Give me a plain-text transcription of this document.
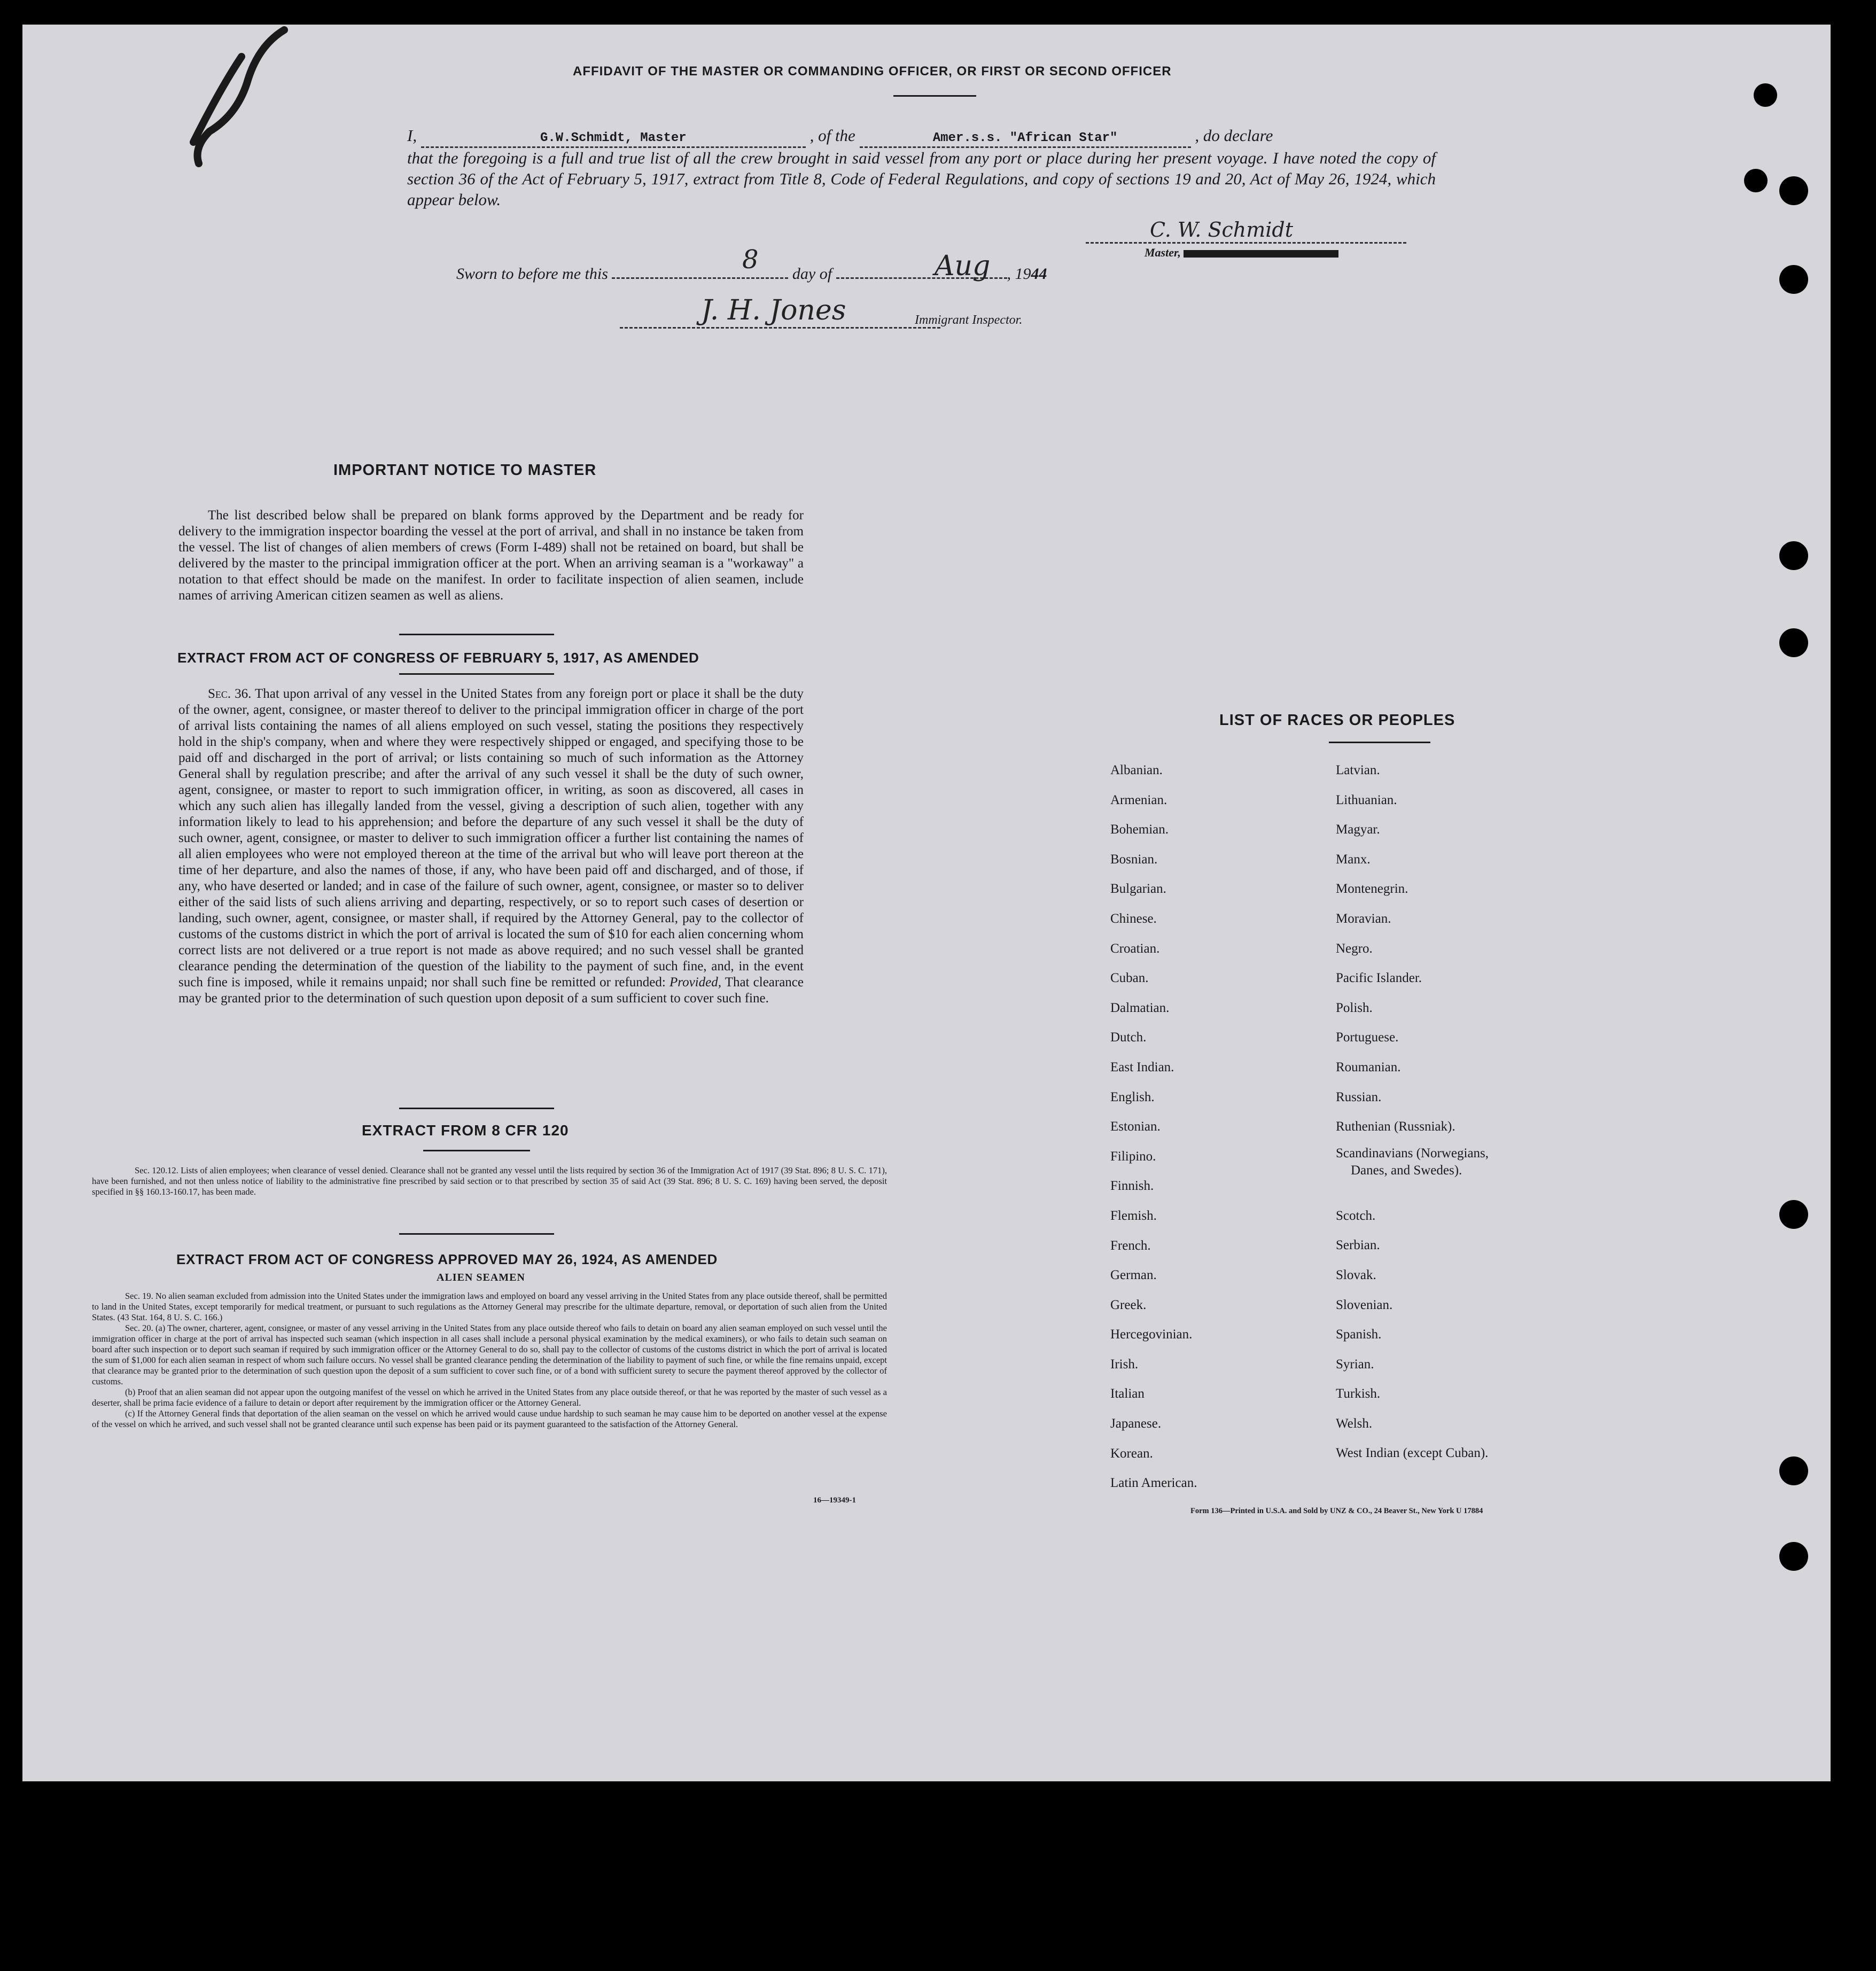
AFFIDAVIT OF THE MASTER OR COMMANDING OFFICER, OR FIRST OR SECOND OFFICER
I,	G.W.Schmidt, Master	, of the	Amer.s.s. "African Star"	, do declare
that the foregoing is a full and true list of all the crew brought in said vessel from any port or place during her present voyage. I have noted the copy of section 36 of the Act of February 5, 1917, extract from Title 8, Code of Federal Regulations, and copy of sections 19 and 20, Act of May 26, 1924, which appear below.
C. W. Schmidt
Master,
Sworn to before me this	8 day of	Aug , 1944
J. H. Jones	Immigrant Inspector.
IMPORTANT NOTICE TO MASTER
The list described below shall be prepared on blank forms approved by the Department and be ready for delivery to the immigration inspector boarding the vessel at the port of arrival, and shall in no instance be taken from the vessel. The list of changes of alien members of crews (Form I-489) shall not be retained on board, but shall be delivered by the master to the principal immigration officer at the port. When an arriving seaman is a "workaway" a notation to that effect should be made on the manifest. In order to facilitate inspection of alien seamen, include names of arriving American citizen seamen as well as aliens.
EXTRACT FROM ACT OF CONGRESS OF FEBRUARY 5, 1917, AS AMENDED
Sec. 36. That upon arrival of any vessel in the United States from any foreign port or place it shall be the duty of the owner, agent, consignee, or master thereof to deliver to the principal immigration officer in charge of the port of arrival lists containing the names of all aliens employed on such vessel, stating the positions they respectively hold in the ship's company, when and where they were respectively shipped or engaged, and specifying those to be paid off and discharged in the port of arrival; or lists containing so much of such information as the Attorney General shall by regulation prescribe; and after the arrival of any such vessel it shall be the duty of such owner, agent, consignee, or master to report to such immigration officer, in writing, as soon as discovered, all cases in which any such alien has illegally landed from the vessel, giving a description of such alien, together with any information likely to lead to his apprehension; and before the departure of any such vessel it shall be the duty of such owner, agent, consignee, or master to deliver to such immigration officer a further list containing the names of all alien employees who were not employed thereon at the time of the arrival but who will leave port thereon at the time of her departure, and also the names of those, if any, who have been paid off and discharged, and of those, if any, who have deserted or landed; and in case of the failure of such owner, agent, consignee, or master so to deliver either of the said lists of such aliens arriving and departing, respectively, or so to report such cases of desertion or landing, such owner, agent, consignee, or master shall, if required by the Attorney General, pay to the collector of customs of the customs district in which the port of arrival is located the sum of $10 for each alien concerning whom correct lists are not delivered or a true report is not made as above required; and no such vessel shall be granted clearance pending the determination of the question of the liability to the payment of such fine, and, in the event such fine is imposed, while it remains unpaid; nor shall such fine be remitted or refunded: Provided, That clearance may be granted prior to the determination of such question upon deposit of a sum sufficient to cover such fine.
EXTRACT FROM 8 CFR 120
Sec. 120.12. Lists of alien employees; when clearance of vessel denied. Clearance shall not be granted any vessel until the lists required by section 36 of the Immigration Act of 1917 (39 Stat. 896; 8 U. S. C. 171), have been furnished, and not then unless notice of liability to the administrative fine prescribed by said section or to that prescribed by section 35 of said Act (39 Stat. 896; 8 U. S. C. 169) having been served, the deposit specified in §§ 160.13-160.17, has been made.
EXTRACT FROM ACT OF CONGRESS APPROVED MAY 26, 1924, AS AMENDED
ALIEN SEAMEN
Sec. 19. No alien seaman excluded from admission into the United States under the immigration laws and employed on board any vessel arriving in the United States from any place outside thereof, shall be permitted to land in the United States, except temporarily for medical treatment, or pursuant to such regulations as the Attorney General may prescribe for the ultimate departure, removal, or deportation of such alien from the United States. (43 Stat. 164, 8 U. S. C. 166.)
Sec. 20. (a) The owner, charterer, agent, consignee, or master of any vessel arriving in the United States from any place outside thereof who fails to detain on board any alien seaman employed on such vessel until the immigration officer in charge at the port of arrival has inspected such seaman (which inspection in all cases shall include a personal physical examination by the medical examiners), or who fails to detain such seaman on board after such inspection or to deport such seaman if required by such immigration officer or the Attorney General to do so, shall pay to the collector of customs of the customs district in which the port of arrival is located the sum of $1,000 for each alien seaman in respect of whom such failure occurs. No vessel shall be granted clearance pending the determination of the liability to payment of such fine, or while the fine remains unpaid, except that clearance may be granted prior to the determination of such question upon the deposit of a sum sufficient to cover such fine, or of a bond with sufficient surety to secure the payment thereof approved by the collector of customs.
(b) Proof that an alien seaman did not appear upon the outgoing manifest of the vessel on which he arrived in the United States from any place outside thereof, or that he was reported by the master of such vessel as a deserter, shall be prima facie evidence of a failure to detain or deport after requirement by the immigration officer or the Attorney General.
(c) If the Attorney General finds that deportation of the alien seaman on the vessel on which he arrived would cause undue hardship to such seaman he may cause him to be deported on another vessel at the expense of the vessel on which he arrived, and such vessel shall not be granted clearance until such expense has been paid or its payment guaranteed to the satisfaction of the Attorney General.
16—19349-1
LIST OF RACES OR PEOPLES
Albanian.
Armenian.
Bohemian.
Bosnian.
Bulgarian.
Chinese.
Croatian.
Cuban.
Dalmatian.
Dutch.
East Indian.
English.
Estonian.
Filipino.
Finnish.
Flemish.
French.
German.
Greek.
Hercegovinian.
Irish.
Italian
Japanese.
Korean.
Latin American.
Latvian.
Lithuanian.
Magyar.
Manx.
Montenegrin.
Moravian.
Negro.
Pacific Islander.
Polish.
Portuguese.
Roumanian.
Russian.
Ruthenian (Russniak).
Scandinavians (Norwegians,
Danes, and Swedes).
Scotch.
Serbian.
Slovak.
Slovenian.
Spanish.
Syrian.
Turkish.
Welsh.
West Indian (except Cuban).
Form 136—Printed in U.S.A. and Sold by UNZ & CO., 24 Beaver St., New York U 17884
